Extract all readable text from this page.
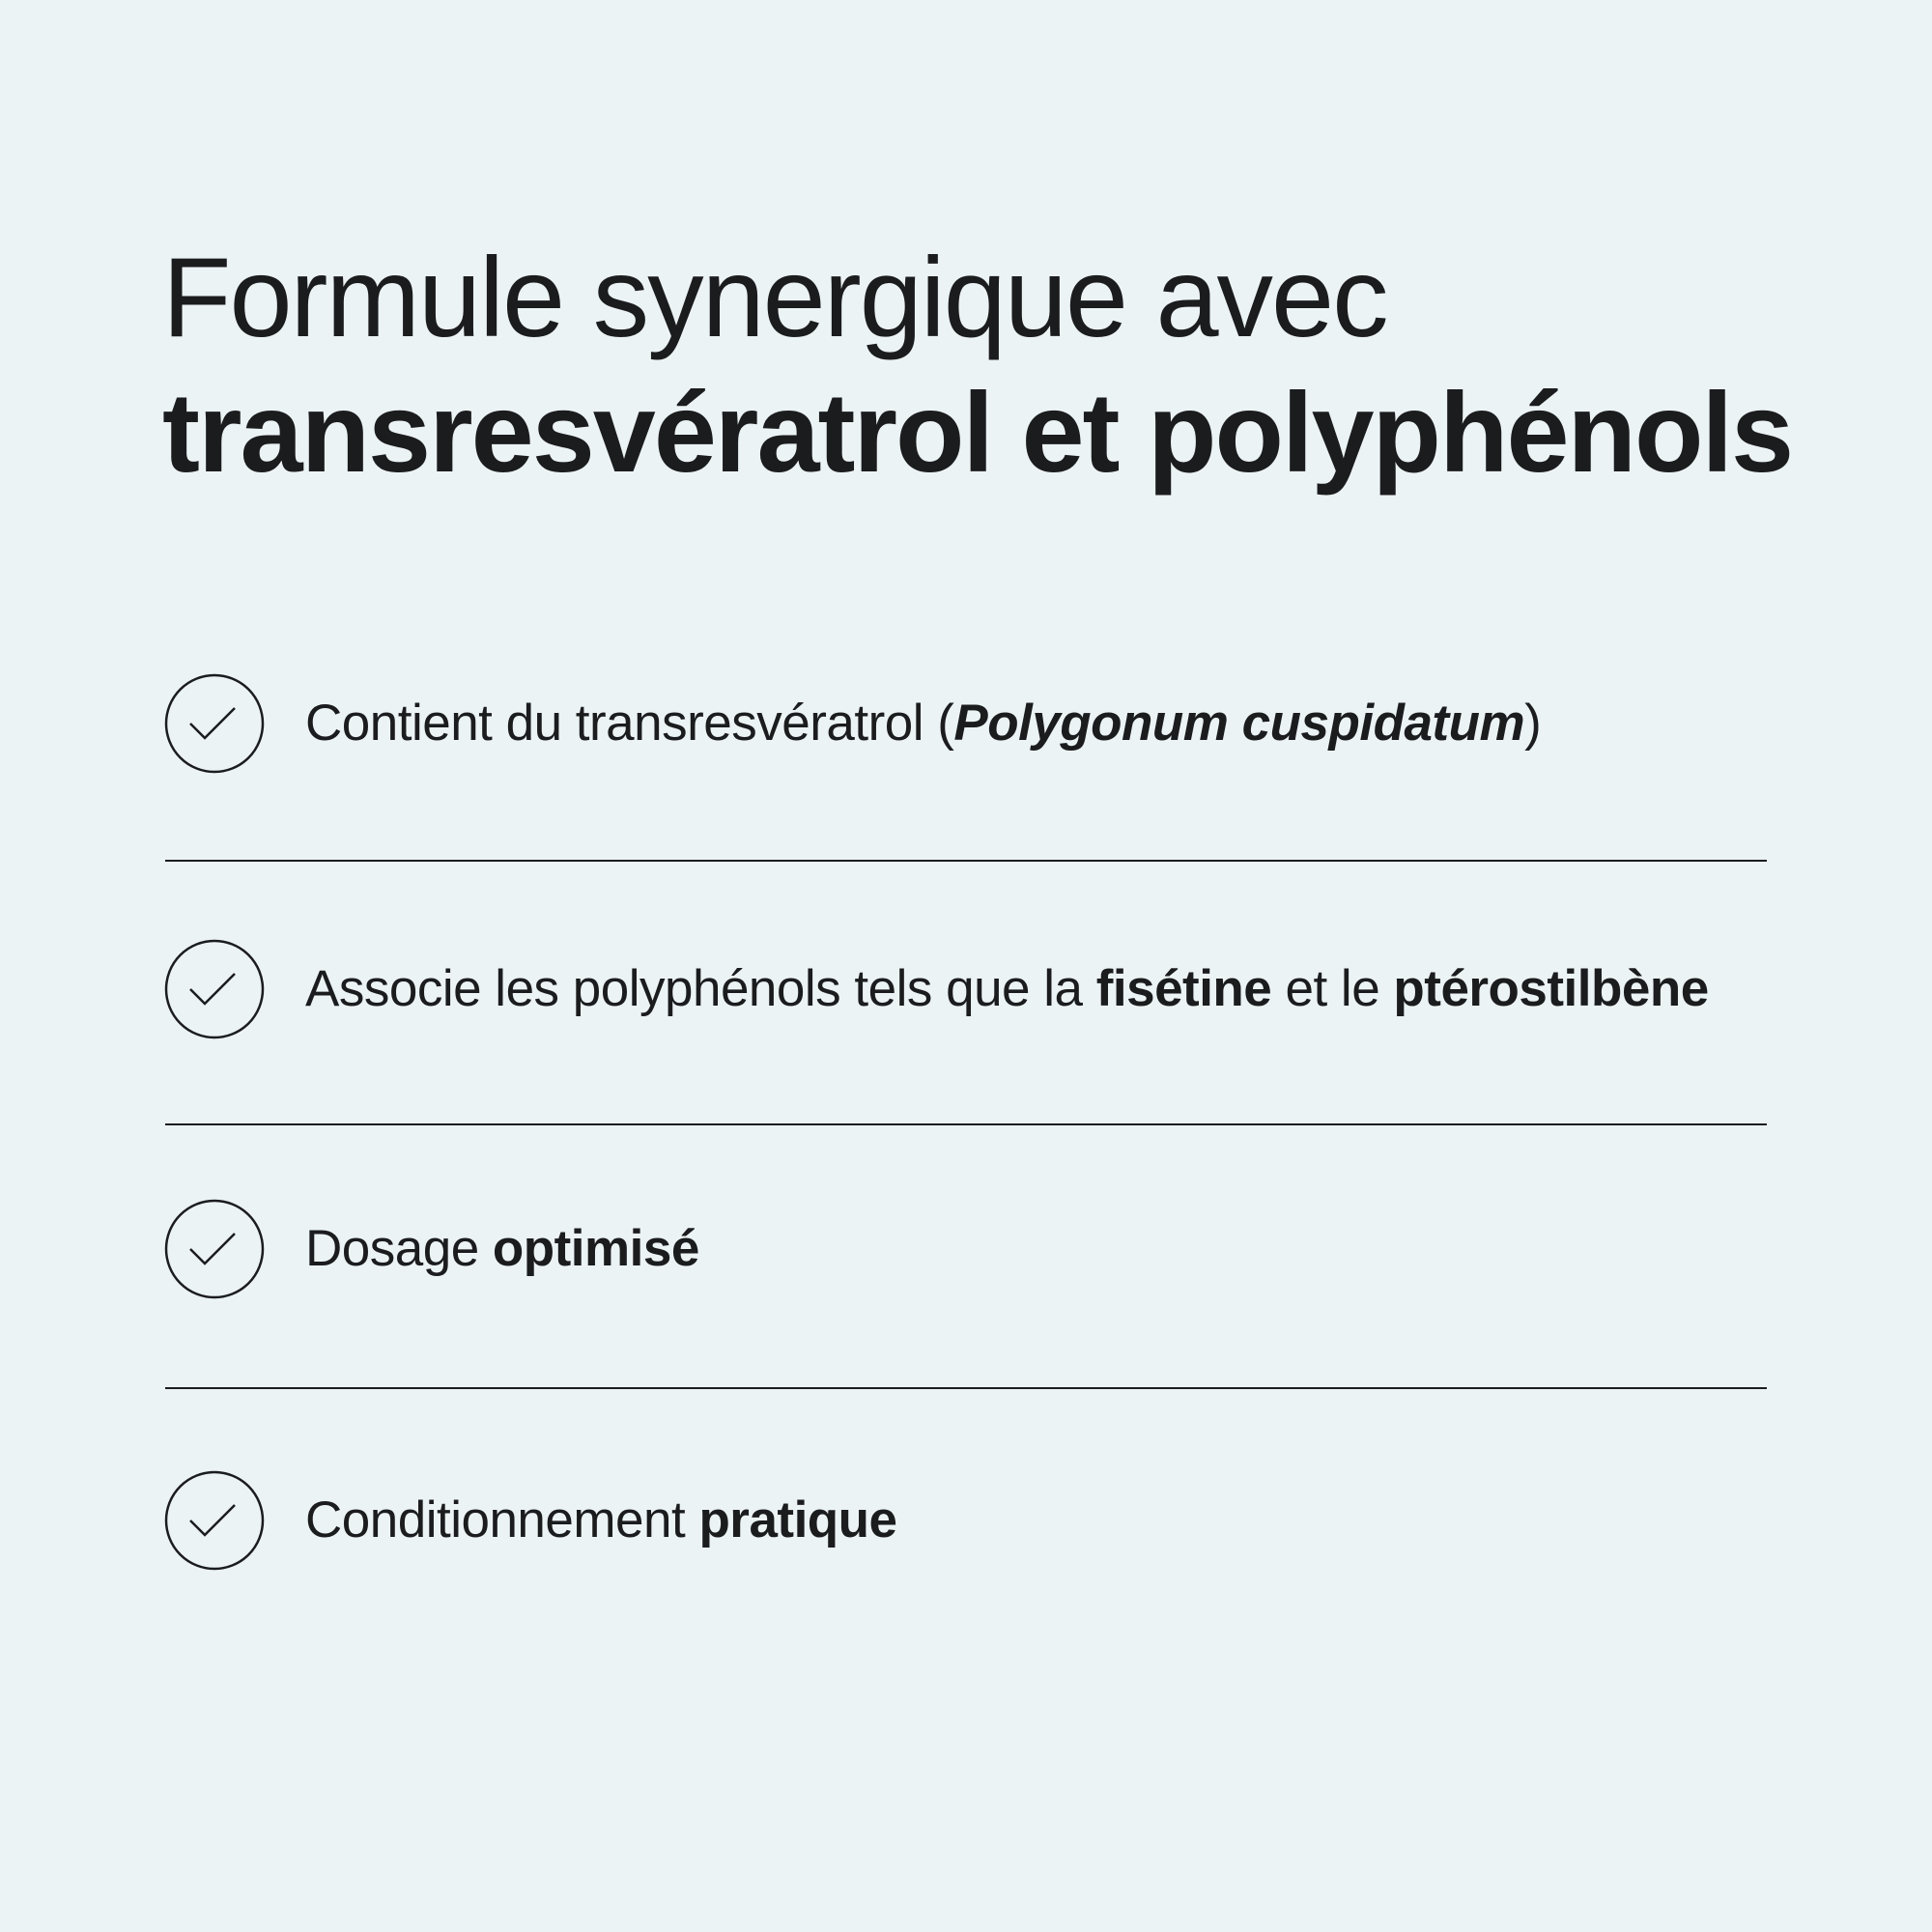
Formule synergique avec
transresvératrol et polyphénols
Contient du transresvératrol (Polygonum cuspidatum)
Associe les polyphénols tels que la fisétine et le ptérostilbène
Dosage optimisé
Conditionnement pratique
